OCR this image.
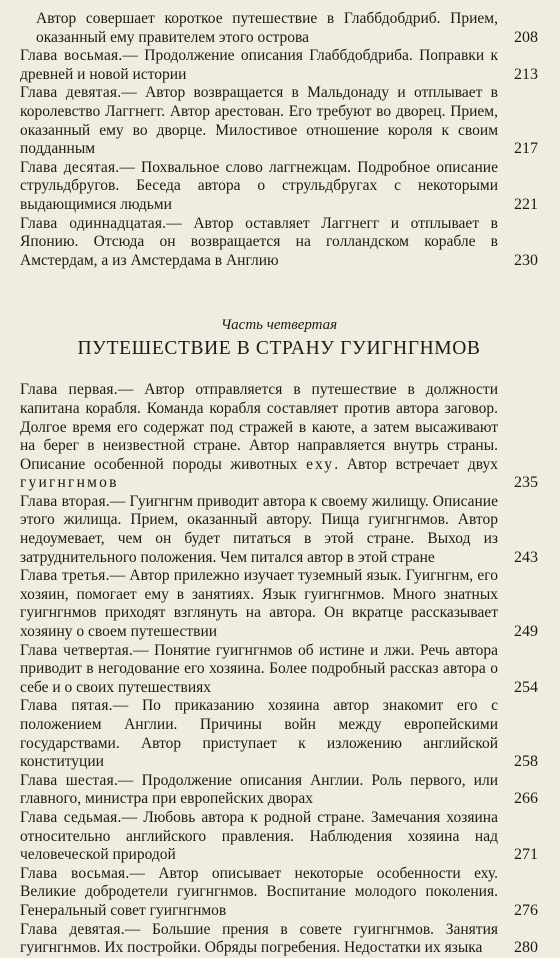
Автор совершает короткое путешествие в Глаббдобдриб. Прием, оказанный ему правителем этого острова	208
Глава восьмая.— Продолжение описания Глаббдобдриба. Поправки к древней и новой истории	213
Глава девятая.— Автор возвращается в Мальдонаду и отплывает в королевство Лаггнегг. Автор арестован. Его требуют во дворец. Прием, оказанный ему во дворце. Милостивое отношение короля к своим подданным	217
Глава десятая.— Похвальное слово лаггнежцам. Подробное описание струльдбругов. Беседа автора о струльдбругах с некоторыми выдающимися людьми	221
Глава одиннадцатая.— Автор оставляет Лаггнегг и отплывает в Японию. Отсюда он возвращается на голландском корабле в Амстердам, а из Амстердама в Англию	230
Часть четвертая
ПУТЕШЕСТВИЕ В СТРАНУ ГУИГНГНМОВ
Глава первая.— Автор отправляется в путешествие в должности капитана корабля. Команда корабля составляет против автора заговор. Долгое время его содержат под стражей в каюте, а затем высаживают на берег в неизвестной стране. Автор направляется внутрь страны. Описание особенной породы животных еху. Автор встречает двух гуигнгнмов	235
Глава вторая.— Гуигнгнм приводит автора к своему жилищу. Описание этого жилища. Прием, оказанный автору. Пища гуигнгнмов. Автор недоумевает, чем он будет питаться в этой стране. Выход из затруднительного положения. Чем питался автор в этой стране	243
Глава третья.— Автор прилежно изучает туземный язык. Гуигнгнм, его хозяин, помогает ему в занятиях. Язык гуигнгнмов. Много знатных гуигнгнмов приходят взглянуть на автора. Он вкратце рассказывает хозяину о своем путешествии	249
Глава четвертая.— Понятие гуигнгнмов об истине и лжи. Речь автора приводит в негодование его хозяина. Более подробный рассказ автора о себе и о своих путешествиях	254
Глава пятая.— По приказанию хозяина автор знакомит его с положением Англии. Причины войн между европейскими государствами. Автор приступает к изложению английской конституции	258
Глава шестая.— Продолжение описания Англии. Роль первого, или главного, министра при европейских дворах	266
Глава седьмая.— Любовь автора к родной стране. Замечания хозяина относительно английского правления. Наблюдения хозяина над человеческой природой	271
Глава восьмая.— Автор описывает некоторые особенности еху. Великие добродетели гуигнгнмов. Воспитание молодого поколения. Генеральный совет гуигнгнмов	276
Глава девятая.— Большие прения в совете гуигнгнмов. Занятия гуигнгнмов. Их постройки. Обряды погребения. Недостатки их языка	280
